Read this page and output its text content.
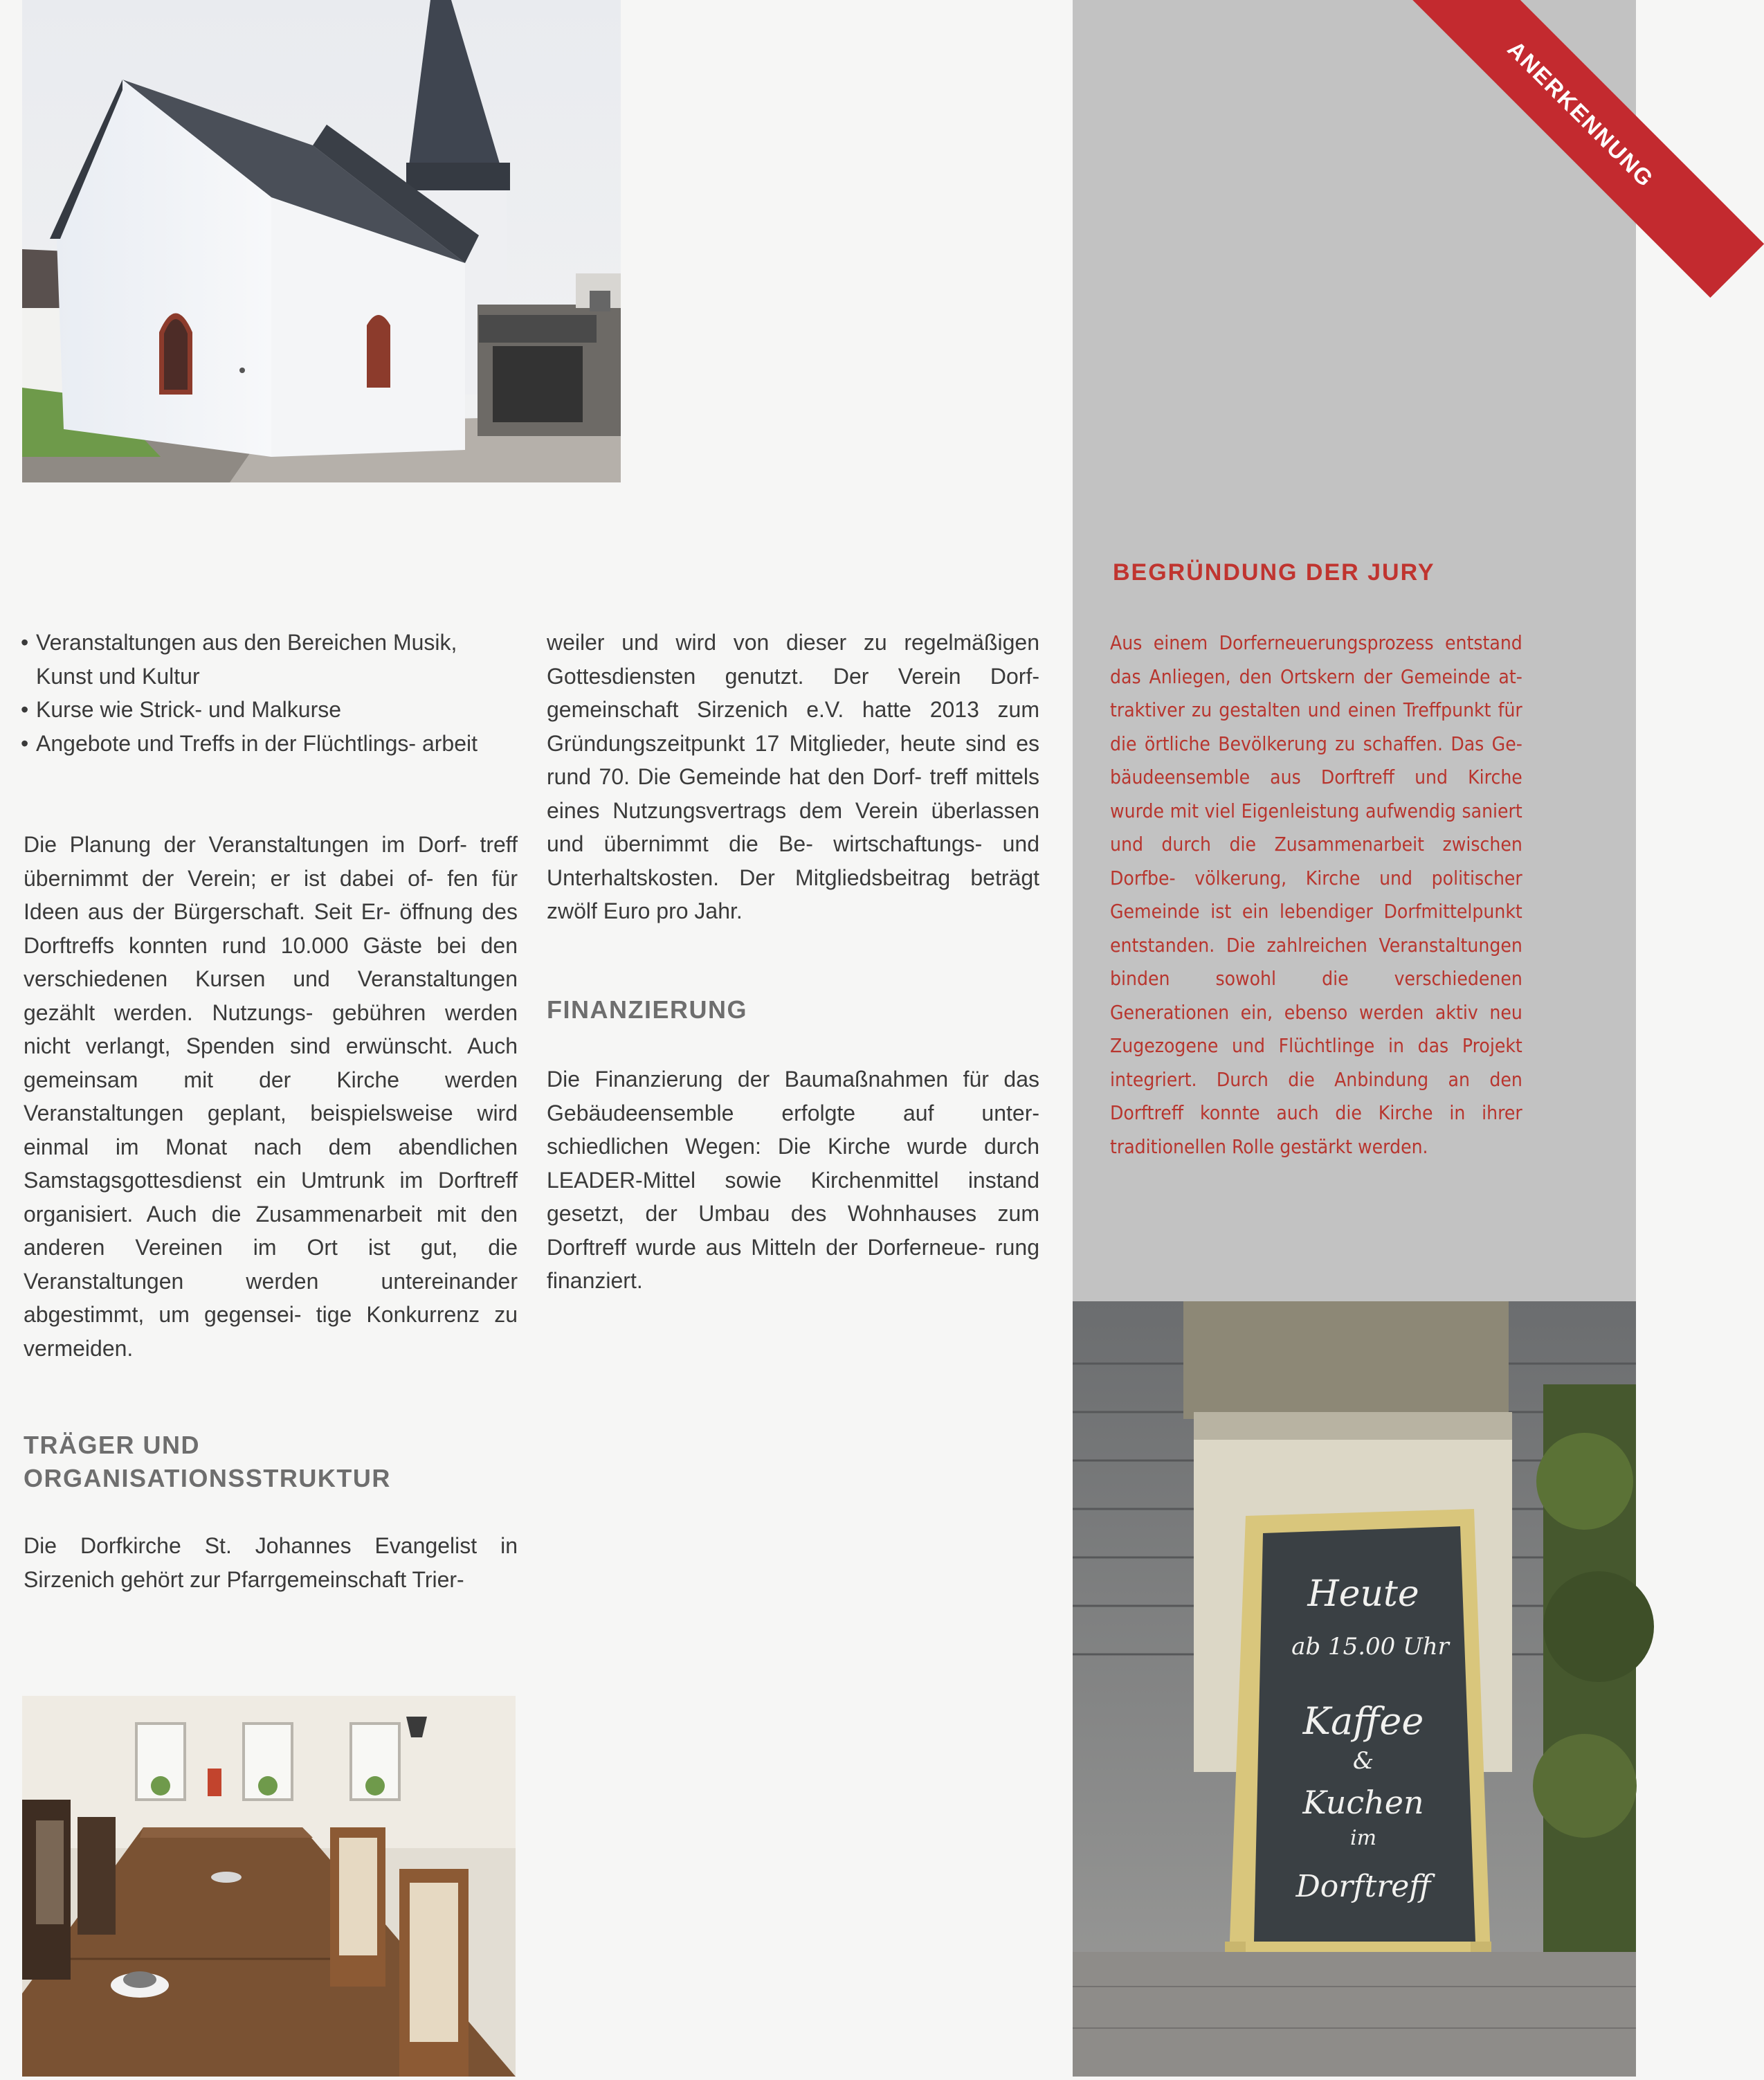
• Veranstaltungen aus den Bereichen Musik, Kunst und Kultur
• Kurse wie Strick- und Malkurse
• Angebote und Treffs in der Flüchtlings- arbeit

Die Planung der Veranstaltungen im Dorf- treff übernimmt der Verein; er ist dabei of- fen für Ideen aus der Bürgerschaft. Seit Er- öffnung des Dorftreffs konnten rund 10.000 Gäste bei den verschiedenen Kursen und Veranstaltungen gezählt werden. Nutzungs- gebühren werden nicht verlangt, Spenden sind erwünscht. Auch gemeinsam mit der Kirche werden Veranstaltungen geplant, beispielsweise wird einmal im Monat nach dem abendlichen Samstagsgottesdienst ein Umtrunk im Dorftreff organisiert. Auch die Zusammenarbeit mit den anderen Vereinen im Ort ist gut, die Veranstaltungen werden untereinander abgestimmt, um gegensei- tige Konkurrenz zu vermeiden.

TRÄGER UND
ORGANISATIONSSTRUKTUR

Die Dorfkirche St. Johannes Evangelist in Sirzenich gehört zur Pfarrgemeinschaft Trier-

weiler und wird von dieser zu regelmäßigen Gottesdiensten genutzt. Der Verein Dorf- gemeinschaft Sirzenich e.V. hatte 2013 zum Gründungszeitpunkt 17 Mitglieder, heute sind es rund 70. Die Gemeinde hat den Dorf- treff mittels eines Nutzungsvertrags dem Verein überlassen und übernimmt die Be- wirtschaftungs- und Unterhaltskosten. Der Mitgliedsbeitrag beträgt zwölf Euro pro Jahr.
FINANZIERUNG

Die Finanzierung der Baumaßnahmen für das Gebäudeensemble erfolgte auf unter- schiedlichen Wegen: Die Kirche wurde durch LEADER-Mittel sowie Kirchenmittel instand gesetzt, der Umbau des Wohnhauses zum Dorftreff wurde aus Mitteln der Dorferneue- rung finanziert.

ANERKENNUNG
BEGRÜNDUNG DER JURY

Aus einem Dorferneuerungsprozess entstand das Anliegen, den Ortskern der Gemeinde at- traktiver zu gestalten und einen Treffpunkt für die örtliche Bevölkerung zu schaffen. Das Ge- bäudeensemble aus Dorftreff und Kirche wurde mit viel Eigenleistung aufwendig saniert und durch die Zusammenarbeit zwischen Dorfbe- völkerung, Kirche und politischer Gemeinde ist ein lebendiger Dorfmittelpunkt entstanden. Die zahlreichen Veranstaltungen binden sowohl die verschiedenen Generationen ein, ebenso werden aktiv neu Zugezogene und Flüchtlinge in das Projekt integriert. Durch die Anbindung an den Dorftreff konnte auch die Kirche in ihrer traditionellen Rolle gestärkt werden.

Heute
ab 15.00 Uhr
Kaffee
&
Kuchen
im
Dorftreff
